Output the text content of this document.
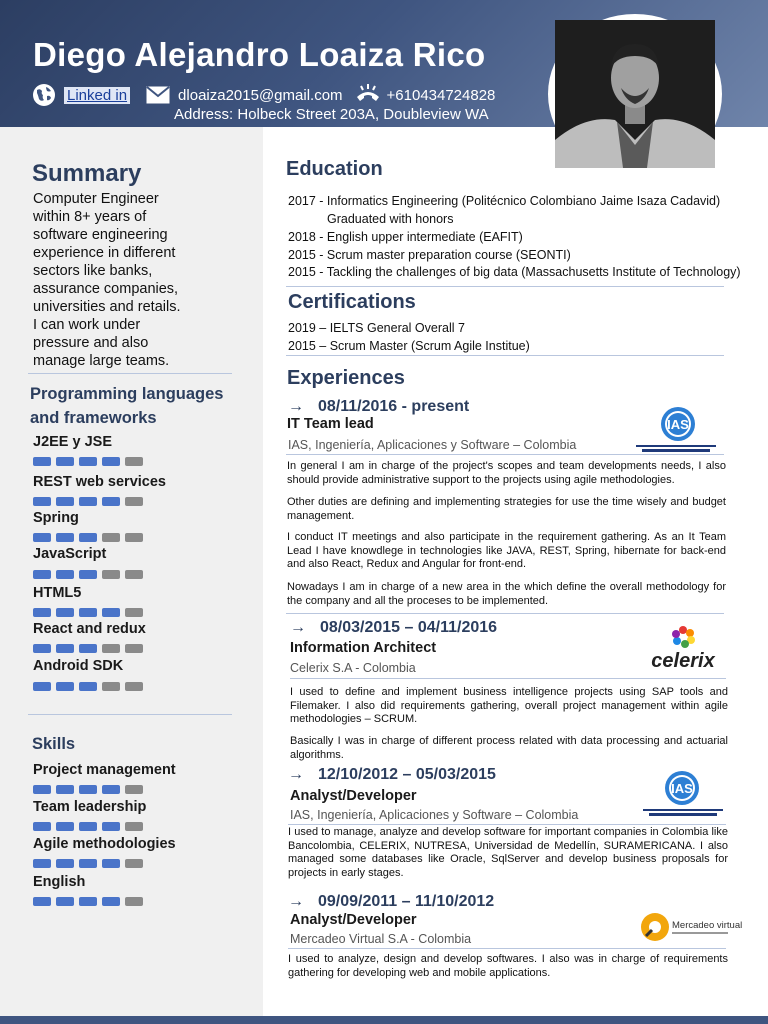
Diego Alejandro Loaiza Rico
Linked in	dloaiza2015@gmail.com	+610434724828
Address: Holbeck Street 203A, Doubleview WA
Summary
Computer Engineer
within 8+ years of
software engineering
experience in different
sectors like banks,
assurance companies,
universities and retails.
I can work under
pressure and also
manage large teams.
Programming languages
and frameworks
J2EE y JSE
REST web services
Spring
JavaScript
HTML5
React and redux
Android SDK
Skills
Project management
Team leadership
Agile methodologies
English
Education
2017 - Informatics Engineering (Politécnico Colombiano Jaime Isaza Cadavid)
Graduated with honors
2018 - English upper intermediate (EAFIT)
2015 - Scrum master preparation course (SEONTI)
2015 - Tackling the challenges of big data (Massachusetts Institute of Technology)
Certifications
2019 – IELTS General Overall 7
2015 – Scrum Master (Scrum Agile Institue)
Experiences
→ 08/11/2016 - present
IT Team lead
IAS, Ingeniería, Aplicaciones y Software – Colombia
IAS
In general I am in charge of the project's scopes and team developments needs, I also should provide administrative support to the projects using agile methodologies.
Other duties are defining and implementing strategies for use the time wisely and budget management.
I conduct IT meetings and also participate in the requirement gathering. As an It Team Lead I have knowdlege in technologies like JAVA, REST, Spring, hibernate for back-end and also React, Redux and Angular for front-end.
Nowadays I am in charge of a new area in the which define the overall methodology for the company and all the proceses to be implemented.
→ 08/03/2015 – 04/11/2016
Information Architect
Celerix S.A - Colombia	celerix
I used to define and implement business intelligence projects using SAP tools and Filemaker. I also did requirements gathering, overall project management within agile methodologies – SCRUM.
Basically I was in charge of different process related with data processing and actuarial algorithms.
→ 12/10/2012 – 05/03/2015
Analyst/Developer
IAS, Ingeniería, Aplicaciones y Software – Colombia
IAS
I used to manage, analyze and develop software for important companies in Colombia like Bancolombia, CELERIX, NUTRESA, Universidad de Medellín, SURAMERICANA. I also managed some databases like Oracle, SqlServer and develop business proposals for projects in early stages.
→ 09/09/2011 – 11/10/2012
Analyst/Developer
Mercadeo Virtual S.A - Colombia
Mercadeo virtual
I used to analyze, design and develop softwares. I also was in charge of requirements gathering for developing web and mobile applications.
